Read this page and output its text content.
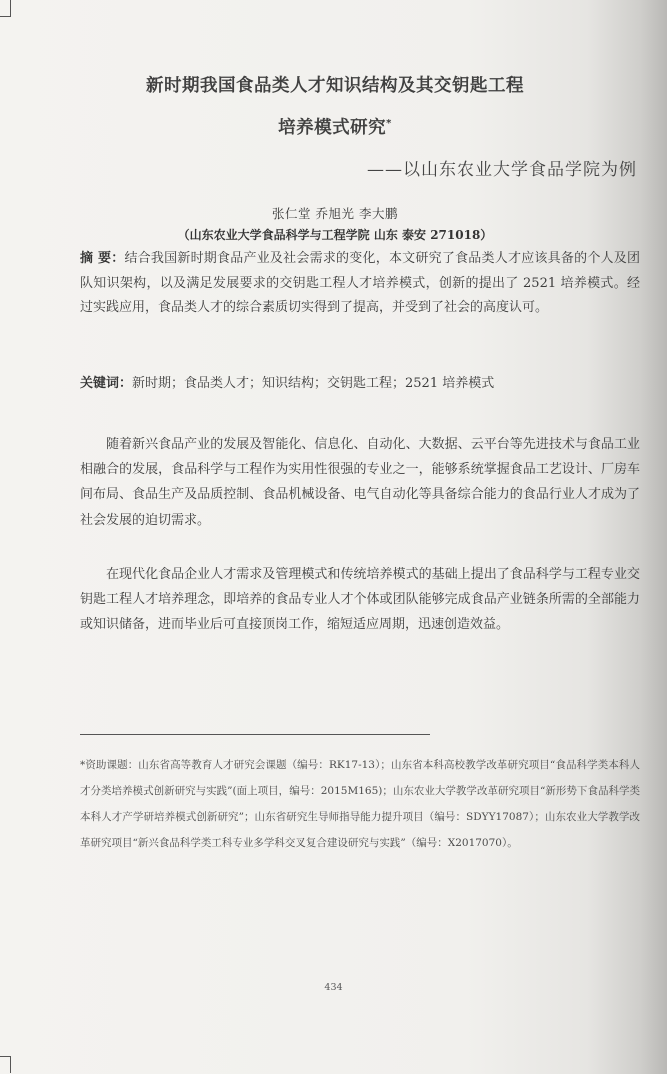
新时期我国食品类人才知识结构及其交钥匙工程
培养模式研究*
——以山东农业大学食品学院为例
张仁堂 乔旭光 李大鹏
（山东农业大学食品科学与工程学院 山东 泰安 271018）
摘 要：结合我国新时期食品产业及社会需求的变化，本文研究了食品类人才应该具备的个人及团队知识架构，以及满足发展要求的交钥匙工程人才培养模式，创新的提出了 2521 培养模式。经过实践应用，食品类人才的综合素质切实得到了提高，并受到了社会的高度认可。
关键词：新时期；食品类人才；知识结构；交钥匙工程；2521 培养模式

随着新兴食品产业的发展及智能化、信息化、自动化、大数据、云平台等先进技术与食品工业相融合的发展，食品科学与工程作为实用性很强的专业之一，能够系统掌握食品工艺设计、厂房车间布局、食品生产及品质控制、食品机械设备、电气自动化等具备综合能力的食品行业人才成为了社会发展的迫切需求。

在现代化食品企业人才需求及管理模式和传统培养模式的基础上提出了食品科学与工程专业交钥匙工程人才培养理念，即培养的食品专业人才个体或团队能够完成食品产业链条所需的全部能力或知识储备，进而毕业后可直接顶岗工作，缩短适应周期，迅速创造效益。

*资助课题：山东省高等教育人才研究会课题（编号：RK17-13）；山东省本科高校教学改革研究项目“食品科学类本科人才分类培养模式创新研究与实践”(面上项目，编号：2015M165)；山东农业大学教学改革研究项目“新形势下食品科学类本科人才产学研培养模式创新研究”；山东省研究生导师指导能力提升项目（编号：SDYY17087）；山东农业大学教学改革研究项目“新兴食品科学类工科专业多学科交叉复合建设研究与实践”（编号：X2017070）。
434
